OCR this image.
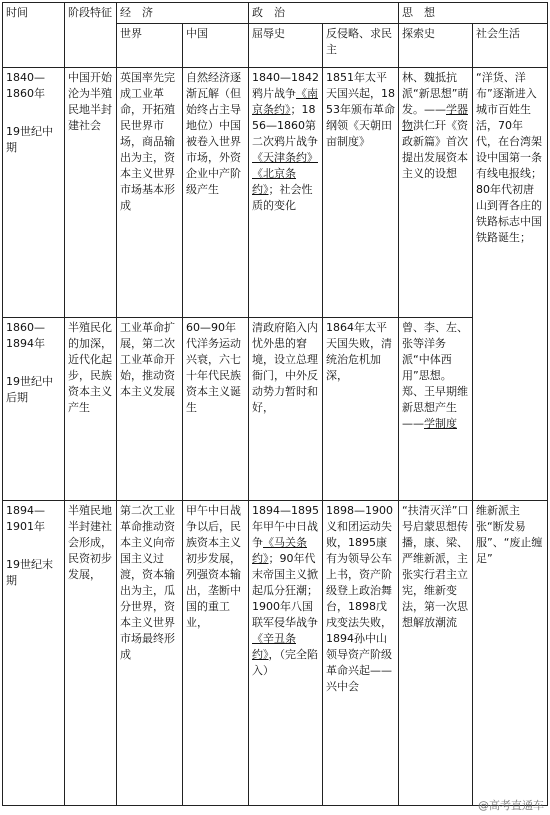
时间	阶段特征	经　济		政　治		思　想	
		世界	中国	屈辱史	反侵略、求民主	探索史	社会生活

1840—
1860年
19世纪中期	中国开始沦为半殖民地半封建社会	英国率先完成工业革命，开拓殖民世界市场，商品输出为主，资本主义世界市场基本形成	自然经济逐渐瓦解（但始终占主导地位）中国被卷入世界市场，外资企业中产阶级产生	1840—1842鸦片战争《南京条约》；1856—1860第二次鸦片战争《天津条约》《北京条约》；社会性质的变化	1851年太平天国兴起，1853年颁布革命纲领《天朝田亩制度》	林、魏抵抗派“新思想”萌发。——学器物洪仁玕《资政新篇》首次提出发展资本主义的设想	“洋货、洋布”逐渐进入城市百姓生活，70年代，在台湾架设中国第一条有线电报线；80年代初唐山到胥各庄的铁路标志中国铁路诞生；

1860—
1894年
19世纪中后期	半殖民化的加深，近代化起步，民族资本主义产生	工业革命扩展，第二次工业革命开始，推动资本主义发展	60—90年代洋务运动兴衰，六七十年代民族资本主义诞生	清政府陷入内忧外患的窘境，设立总理衙门，中外反动势力暂时和好，	1864年太平天国失败，清统治危机加深，	曾、李、左、张等洋务派“中体西用”思想。郑、王早期维新思想产生——学制度	

1894—
1901年
19世纪末期	半殖民地半封建社会形成，民资初步发展，	第二次工业革命推动资本主义向帝国主义过渡，资本输出为主，瓜分世界，资本主义世界市场最终形成	甲午中日战争以后，民族资本主义初步发展，列强资本输出，垄断中国的重工业，	1894—1895年甲午中日战争《马关条约》；90年代末帝国主义掀起瓜分狂潮；1900年八国联军侵华战争《辛丑条约》，（完全陷入）	1898—1900义和团运动失败，1895康有为领导公车上书，资产阶级登上政治舞台，1898戊戌变法失败，1894孙中山领导资产阶级革命兴起——兴中会	“扶清灭洋”口号启蒙思想传播，康、梁、严维新派，主张实行君主立宪，维新变法，第一次思想解放潮流	维新派主张“断发易服”、“废止缠足”
@高考直通车
